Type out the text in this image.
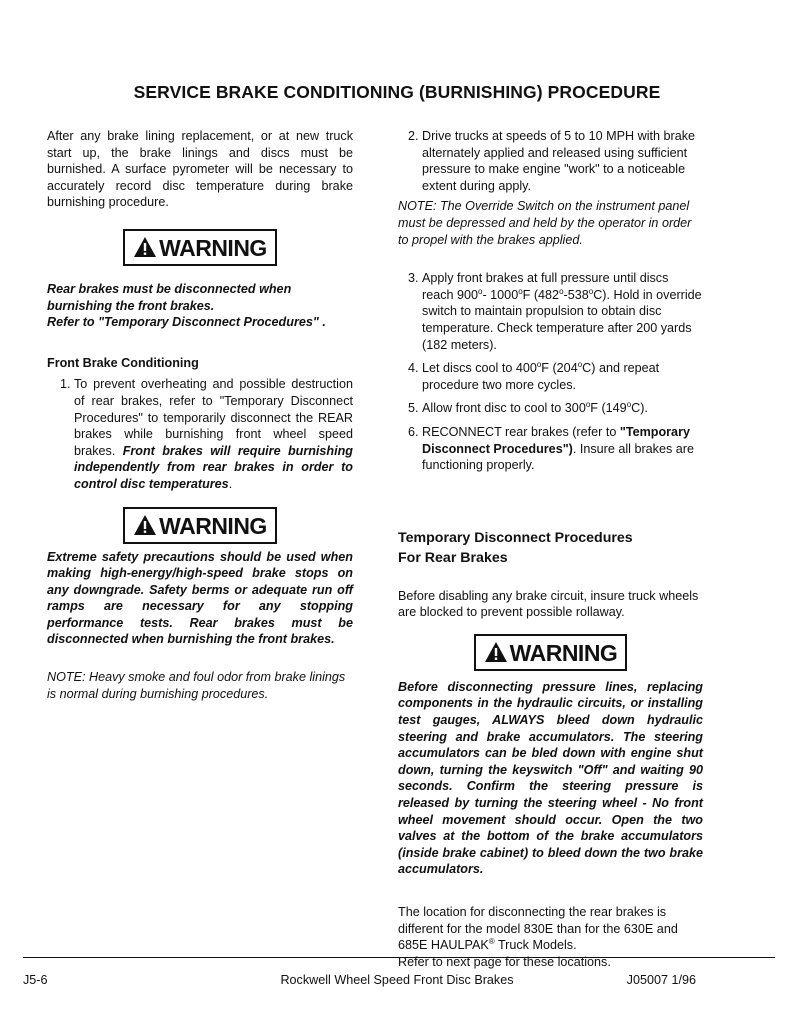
SERVICE BRAKE CONDITIONING (BURNISHING) PROCEDURE

After any brake lining replacement, or at new truck start up, the brake linings and discs must be burnished. A surface pyrometer will be necessary to accurately record disc temperature during brake burnishing procedure.

WARNING

Rear brakes must be disconnected when burnishing the front brakes.

Refer to "Temporary Disconnect Procedures" .

Front Brake Conditioning

1. To prevent overheating and possible destruction of rear brakes, refer to "Temporary Disconnect Procedures" to temporarily disconnect the REAR brakes while burnishing front wheel speed brakes. Front brakes will require burnishing independently from rear brakes in order to control disc temperatures.

WARNING

Extreme safety precautions should be used when making high-energy/high-speed brake stops on any downgrade. Safety berms or adequate run off ramps are necessary for any stopping performance tests. Rear brakes must be disconnected when burnishing the front brakes.

NOTE: Heavy smoke and foul odor from brake linings is normal during burnishing procedures.

2. Drive trucks at speeds of 5 to 10 MPH with brake alternately applied and released using sufficient pressure to make engine "work" to a noticeable extent during apply.

NOTE: The Override Switch on the instrument panel must be depressed and held by the operator in order to propel with the brakes applied.

3. Apply front brakes at full pressure until discs reach 900$^o$- 1000$^o$F (482$^o$-538$^o$C). Hold in override switch to maintain propulsion to obtain disc temperature. Check temperature after 200 yards (182 meters).

4. Let discs cool to 400$^o$F (204$^o$C) and repeat procedure two more cycles.

5. Allow front disc to cool to 300$^o$F (149$^o$C).

6. RECONNECT rear brakes (refer to "Temporary Disconnect Procedures"). Insure all brakes are functioning properly.

Temporary Disconnect Procedures
For Rear Brakes

Before disabling any brake circuit, insure truck wheels are blocked to prevent possible rollaway.

WARNING

Before disconnecting pressure lines, replacing components in the hydraulic circuits, or installing test gauges, ALWAYS bleed down hydraulic steering and brake accumulators. The steering accumulators can be bled down with engine shut down, turning the keyswitch "Off" and waiting 90 seconds. Confirm the steering pressure is released by turning the steering wheel - No front wheel movement should occur. Open the two valves at the bottom of the brake accumulators (inside brake cabinet) to bleed down the two brake accumulators.

The location for disconnecting the rear brakes is different for the model 830E than for the 630E and 685E HAULPAK® Truck Models.

Refer to next page for these locations.

J5-6	Rockwell Wheel Speed Front Disc Brakes	J05007 1/96
